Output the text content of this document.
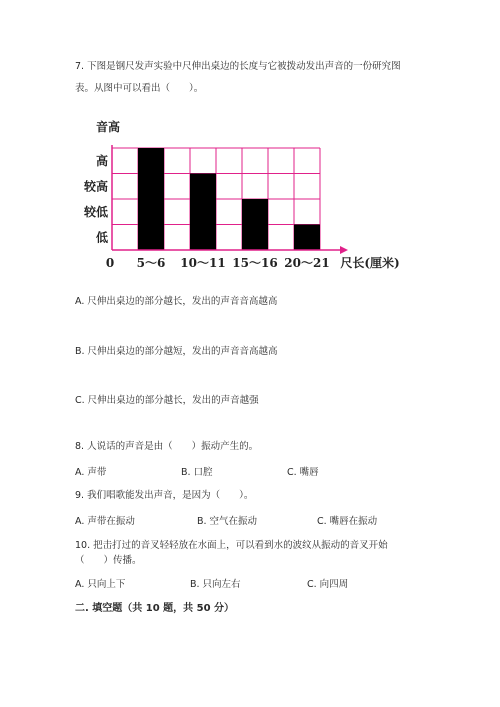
7. 下图是钢尺发声实验中尺伸出桌边的长度与它被拨动发出声音的一份研究图
表。从图中可以看出（　　）。
音高
0	尺长(厘米)
低
较低
较高
高
5～6 10～11 15～16 20～21
A. 尺伸出桌边的部分越长，发出的声音音高越高
B. 尺伸出桌边的部分越短，发出的声音音高越高
C. 尺伸出桌边的部分越长，发出的声音越强
8. 人说话的声音是由（　　）振动产生的。
A. 声带	B. 口腔	C. 嘴唇
9. 我们唱歌能发出声音，是因为（　　）。
A. 声带在振动	B. 空气在振动	C. 嘴唇在振动
10. 把击打过的音叉轻轻放在水面上，可以看到水的波纹从振动的音叉开始
（　　）传播。
A. 只向上下	B. 只向左右	C. 向四周
二. 填空题（共 10 题，共 50 分）
